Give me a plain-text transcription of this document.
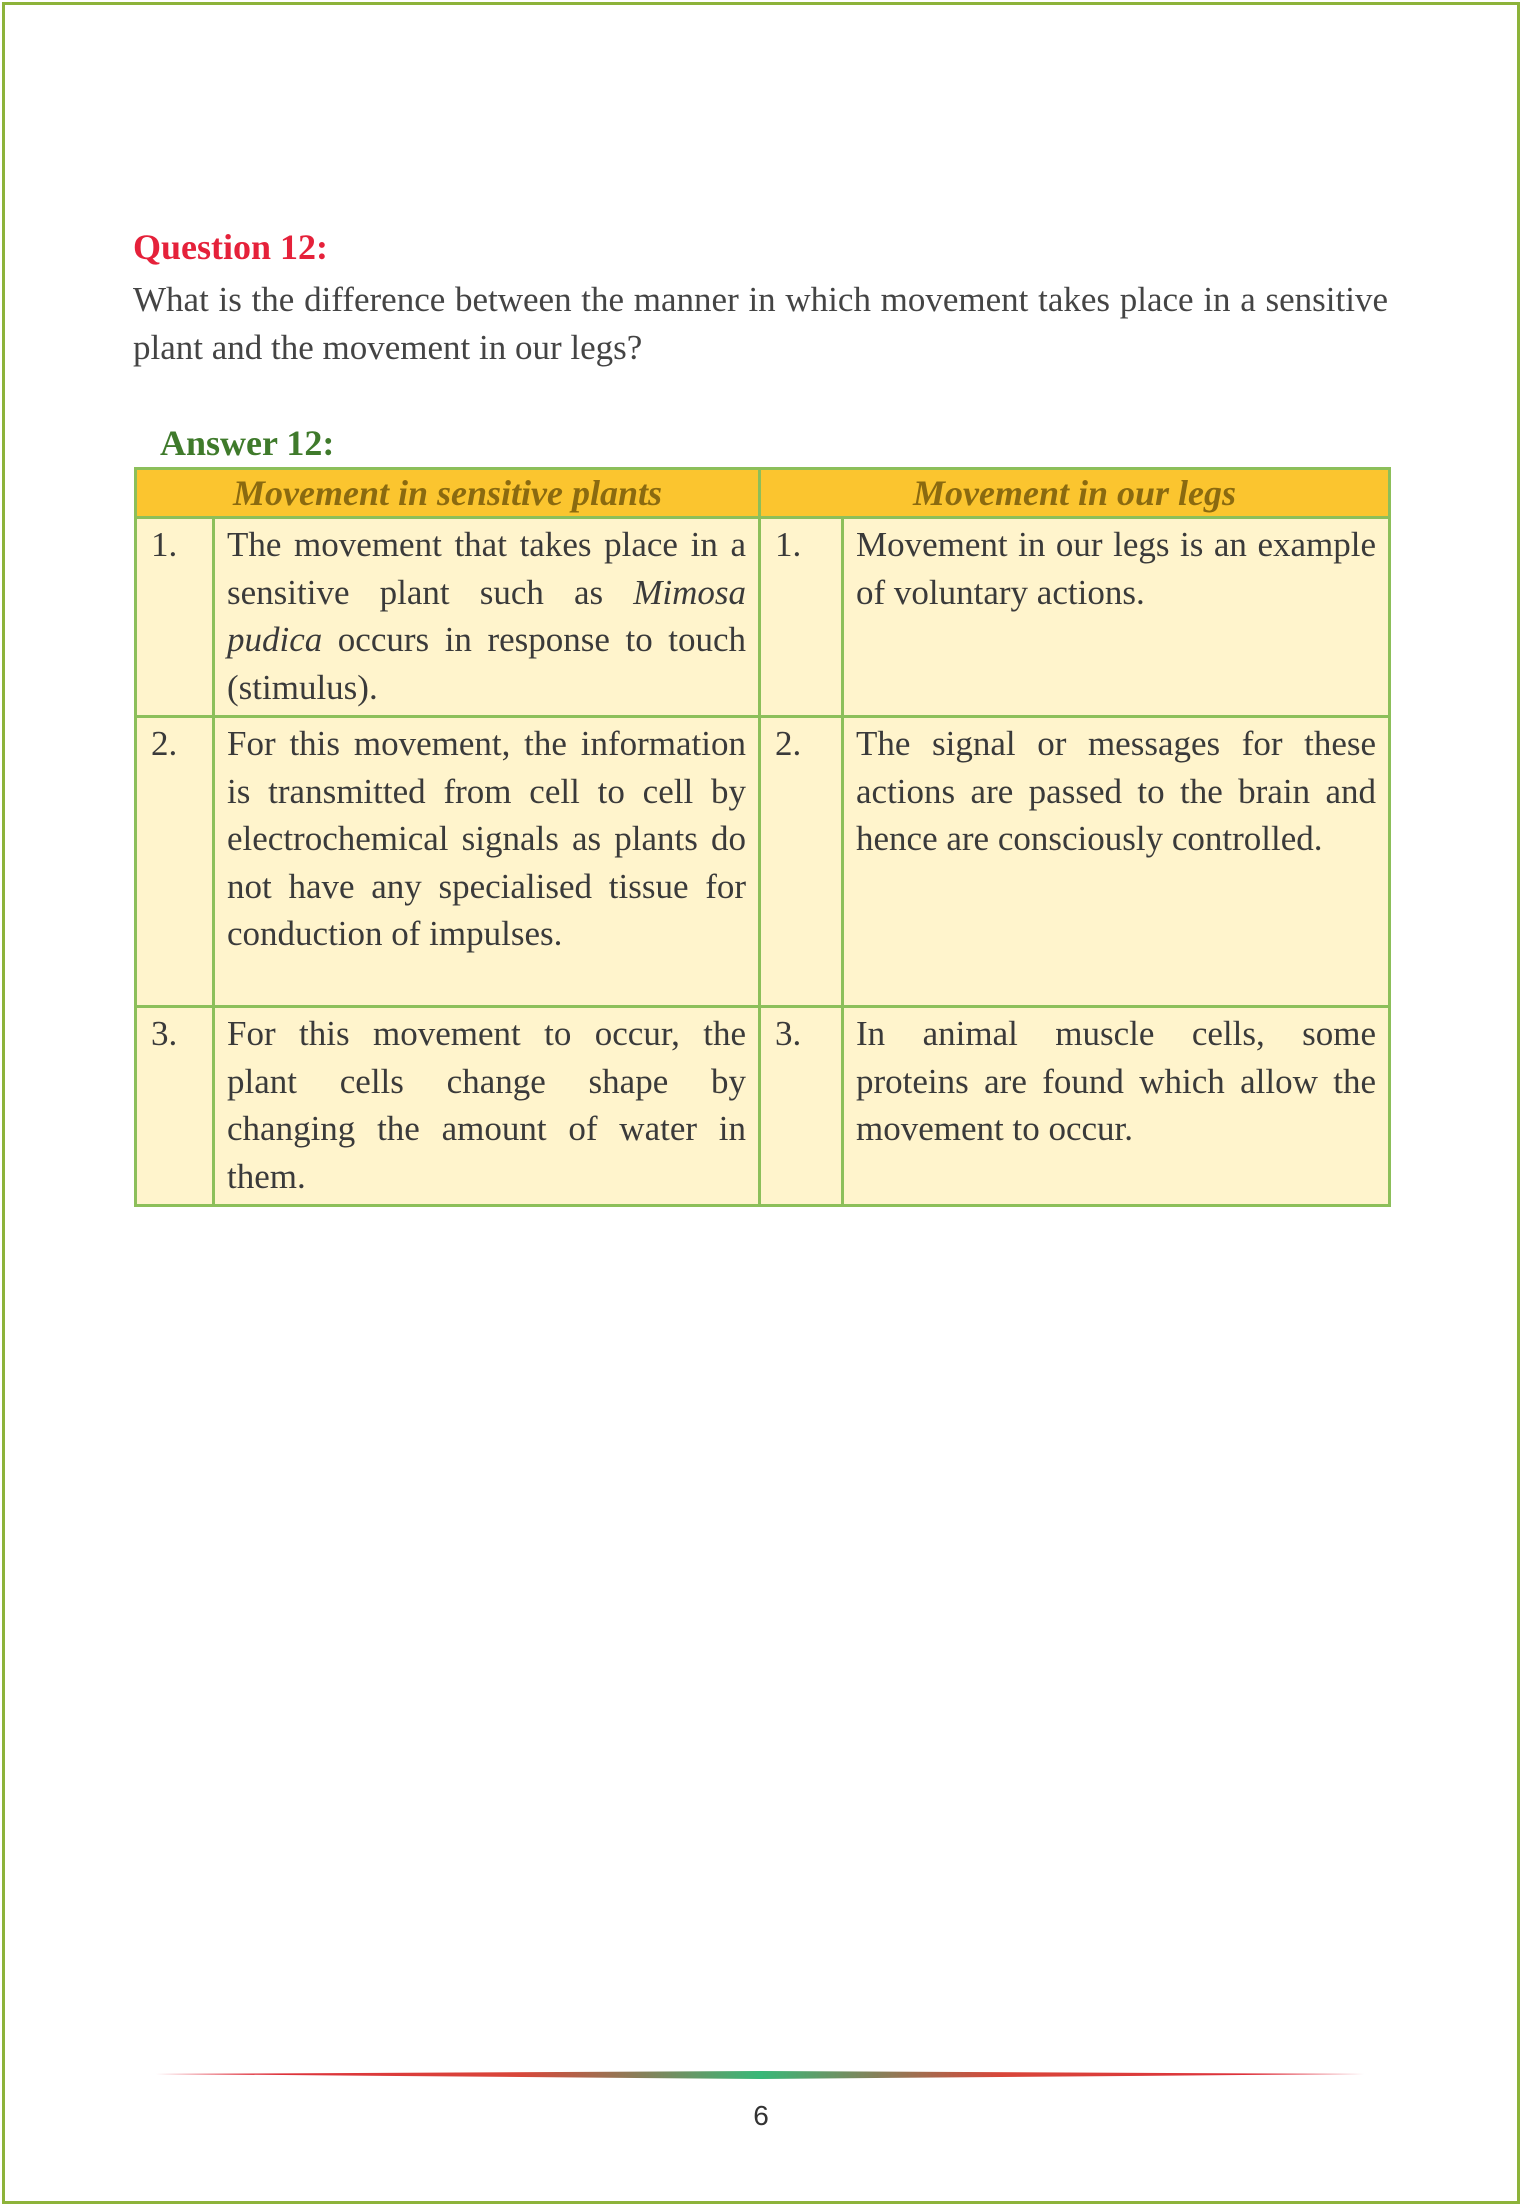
Question 12:
What is the difference between the manner in which movement takes place in a sensitive plant and the movement in our legs?
Answer 12:
Movement in sensitive plants		Movement in our legs	
1.	The movement that takes place in a sensitive plant such as Mimosa pudica occurs in response to touch (stimulus).	1.	Movement in our legs is an example of voluntary actions.
2.	For this movement, the information is transmitted from cell to cell by electrochemical signals as plants do not have any specialised tissue for conduction of impulses.	2.	The signal or messages for these actions are passed to the brain and hence are consciously controlled.
3.	For this movement to occur, the plant cells change shape by changing the amount of water in them.	3.	In animal muscle cells, some proteins are found which allow the movement to occur.
6
